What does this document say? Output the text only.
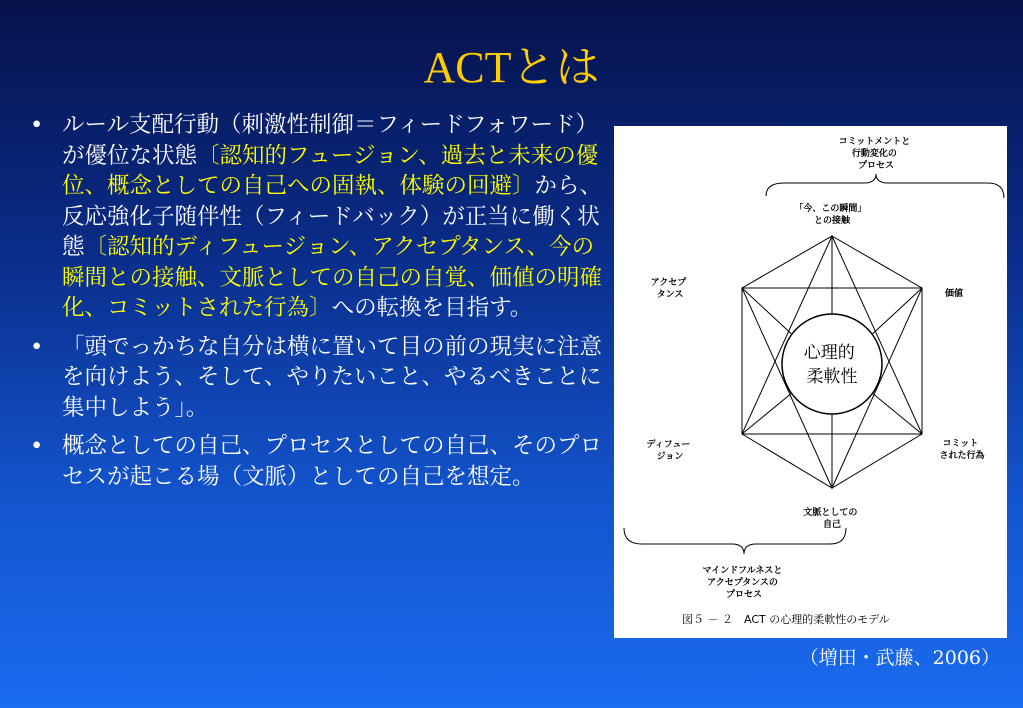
ACTとは
• ルール支配行動（刺激性制御＝フィードフォワード）が優位な状態〔認知的フュージョン、過去と未来の優位、概念としての自己への固執、体験の回避〕から、反応強化子随伴性（フィードバック）が正当に働く状態〔認知的ディフュージョン、アクセプタンス、今の瞬間との接触、文脈としての自己の自覚、価値の明確化、コミットされた行為〕への転換を目指す。
• 「頭でっかちな自分は横に置いて目の前の現実に注意を向けよう、そして、やりたいこと、やるべきことに集中しよう」。
• 概念としての自己、プロセスとしての自己、そのプロセスが起こる場（文脈）としての自己を想定。
コミットメントと 行動変化の プロセス
心理的 柔軟性
「今、この瞬間」 との接触
アクセプ タンス	価値
ディフュー ジョン
コミット された行為
文脈としての 自己
マインドフルネスと アクセプタンスの プロセス
図５ － ２　ACT の心理的柔軟性のモデル
（増田・武藤、2006）
